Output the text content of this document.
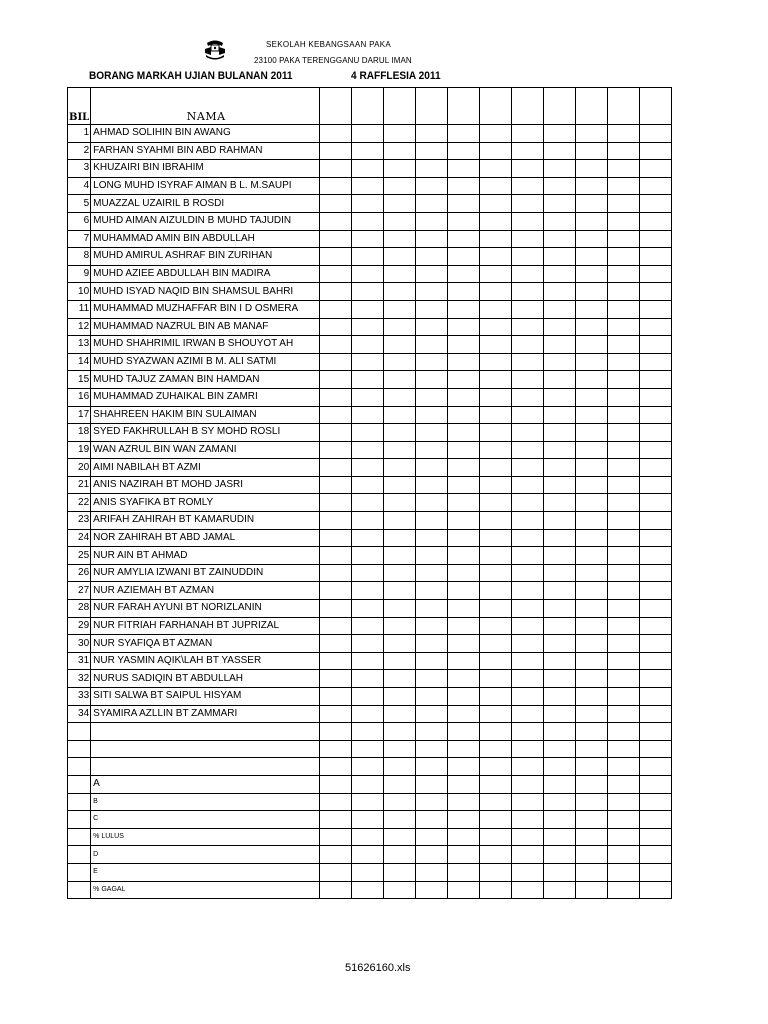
SEKOLAH KEBANGSAAN PAKA
23100 PAKA TERENGGANU DARUL IMAN
BORANG MARKAH UJIAN BULANAN 2011	4 RAFFLESIA 2011
BIL	NAMA											
1	AHMAD SOLIHIN BIN AWANG											
2	FARHAN SYAHMI BIN ABD RAHMAN											
3	KHUZAIRI BIN IBRAHIM											
4	LONG MUHD ISYRAF AIMAN B L. M.SAUPI											
5	MUAZZAL UZAIRIL B ROSDI											
6	MUHD AIMAN AIZULDIN B MUHD TAJUDIN											
7	MUHAMMAD AMIN BIN ABDULLAH											
8	MUHD AMIRUL ASHRAF BIN ZURIHAN											
9	MUHD AZIEE ABDULLAH BIN MADIRA											
10	MUHD ISYAD NAQID BIN SHAMSUL BAHRI											
11	MUHAMMAD MUZHAFFAR BIN I D OSMERA											
12	MUHAMMAD NAZRUL BIN AB MANAF											
13	MUHD SHAHRIMIL IRWAN B SHOUYOT AH											
14	MUHD SYAZWAN AZIMI B M. ALI SATMI											
15	MUHD TAJUZ ZAMAN BIN HAMDAN											
16	MUHAMMAD ZUHAIKAL BIN ZAMRI											
17	SHAHREEN HAKIM BIN SULAIMAN											
18	SYED FAKHRULLAH B SY MOHD ROSLI											
19	WAN AZRUL BIN WAN ZAMANI											
20	AIMI NABILAH BT AZMI											
21	ANIS NAZIRAH BT MOHD JASRI											
22	ANIS SYAFIKA BT ROMLY											
23	ARIFAH ZAHIRAH BT KAMARUDIN											
24	NOR ZAHIRAH BT ABD JAMAL											
25	NUR AIN BT AHMAD											
26	NUR AMYLIA IZWANI BT ZAINUDDIN											
27	NUR AZIEMAH BT AZMAN											
28	NUR FARAH AYUNI BT NORIZLANIN											
29	NUR FITRIAH FARHANAH BT JUPRIZAL											
30	NUR SYAFIQA BT AZMAN											
31	NUR YASMIN AQIK\LAH BT YASSER											
32	NURUS SADIQIN BT ABDULLAH											
33	SITI SALWA BT SAIPUL HISYAM											
34	SYAMIRA AZLLIN BT ZAMMARI											

	A											
	B											
	C											
	% LULUS											
	D											
	E											
	% GAGAL											
51626160.xls
